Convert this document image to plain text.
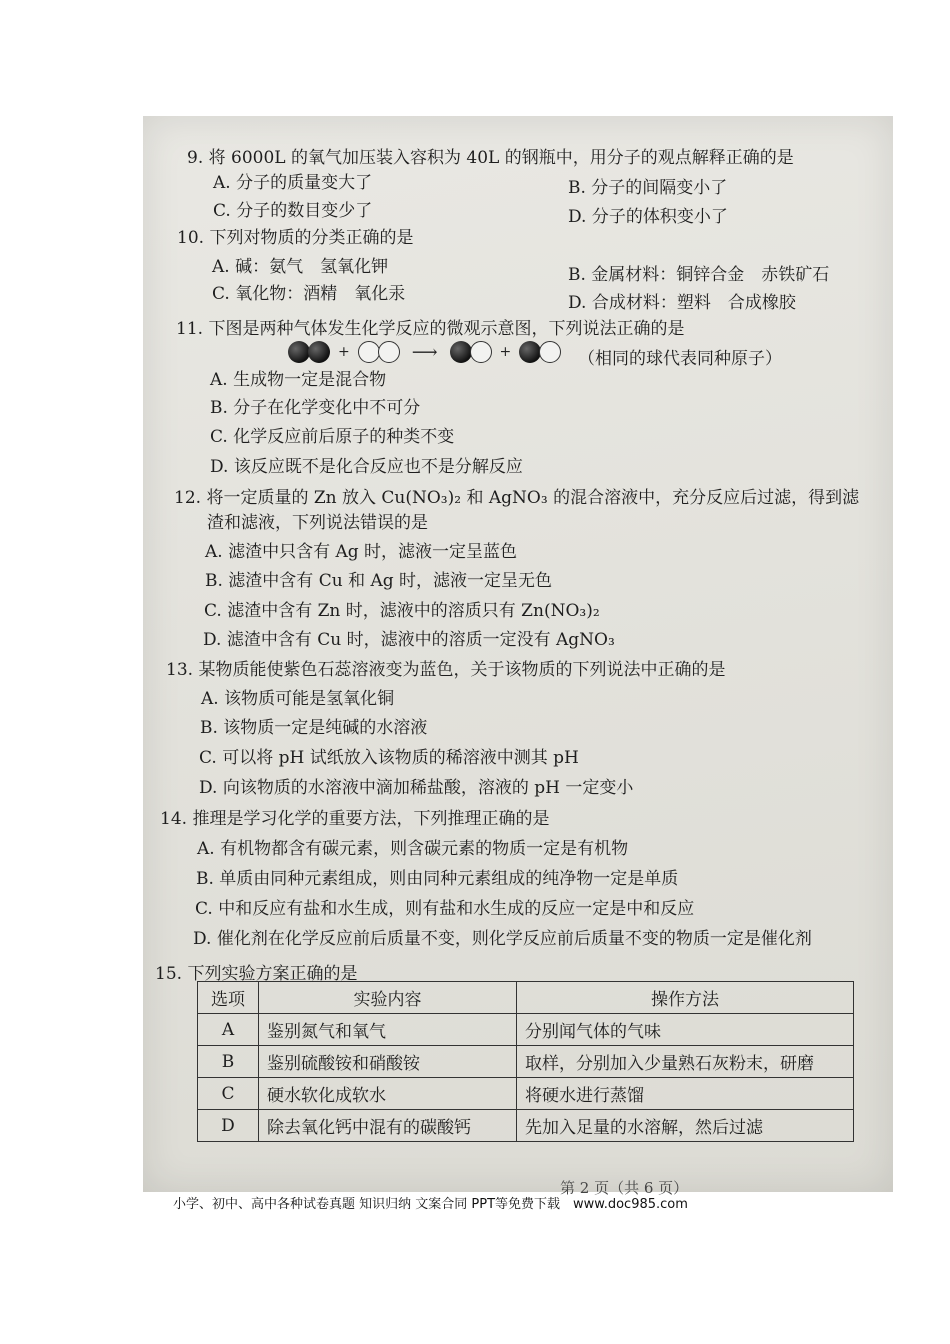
9. 将 6000L 的氧气加压装入容积为 40L 的钢瓶中，用分子的观点解释正确的是
A. 分子的质量变大了	B. 分子的间隔变小了
C. 分子的数目变少了	D. 分子的体积变小了
10. 下列对物质的分类正确的是
A. 碱：氨气　氢氧化钾	B. 金属材料：铜锌合金　赤铁矿石
C. 氧化物：酒精　氧化汞	D. 合成材料：塑料　合成橡胶
11. 下图是两种气体发生化学反应的微观示意图，下列说法正确的是
+	⟶	+	（相同的球代表同种原子）
A. 生成物一定是混合物
B. 分子在化学变化中不可分
C. 化学反应前后原子的种类不变
D. 该反应既不是化合反应也不是分解反应
12. 将一定质量的 Zn 放入 Cu(NO₃)₂ 和 AgNO₃ 的混合溶液中，充分反应后过滤，得到滤
渣和滤液，下列说法错误的是
A. 滤渣中只含有 Ag 时，滤液一定呈蓝色
B. 滤渣中含有 Cu 和 Ag 时，滤液一定呈无色
C. 滤渣中含有 Zn 时，滤液中的溶质只有 Zn(NO₃)₂
D. 滤渣中含有 Cu 时，滤液中的溶质一定没有 AgNO₃
13. 某物质能使紫色石蕊溶液变为蓝色，关于该物质的下列说法中正确的是
A. 该物质可能是氢氧化铜
B. 该物质一定是纯碱的水溶液
C. 可以将 pH 试纸放入该物质的稀溶液中测其 pH
D. 向该物质的水溶液中滴加稀盐酸，溶液的 pH 一定变小
14. 推理是学习化学的重要方法，下列推理正确的是
A. 有机物都含有碳元素，则含碳元素的物质一定是有机物
B. 单质由同种元素组成，则由同种元素组成的纯净物一定是单质
C. 中和反应有盐和水生成，则有盐和水生成的反应一定是中和反应
D. 催化剂在化学反应前后质量不变，则化学反应前后质量不变的物质一定是催化剂
15. 下列实验方案正确的是
选项	实验内容	操作方法
A	鉴别氮气和氧气	分别闻气体的气味
B	鉴别硫酸铵和硝酸铵	取样，分别加入少量熟石灰粉末，研磨
C	硬水软化成软水	将硬水进行蒸馏
D	除去氧化钙中混有的碳酸钙	先加入足量的水溶解，然后过滤
第 2 页（共 6 页）
小学、初中、高中各种试卷真题 知识归纳 文案合同 PPT等免费下载　www.doc985.com
